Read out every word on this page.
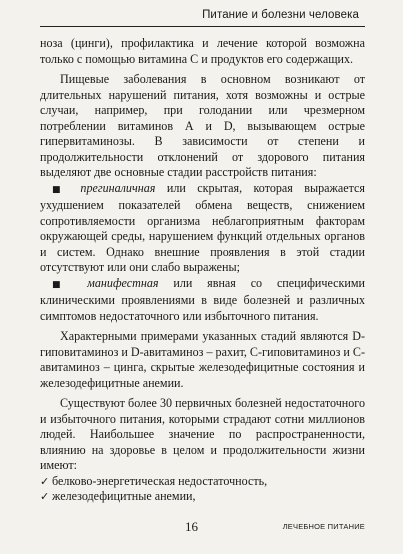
Питание и болезни человека

ноза (цинги), профилактика и лечение которой возможна только с помощью витамина С и продуктов его содержащих.

Пищевые заболевания в основном возникают от длительных нарушений питания, хотя возможны и острые случаи, например, при голодании или чрезмерном потреблении витаминов А и D, вызывающем острые гипервитаминозы. В зависимости от степени и продолжительности отклонений от здорового питания выделяют две основные стадии расстройств питания:

■ прегиналичная или скрытая, которая выражается ухудшением показателей обмена веществ, снижением сопротивляемости организма неблагоприятным факторам окружающей среды, нарушением функций отдельных органов и систем. Однако внешние проявления в этой стадии отсутствуют или они слабо выражены;

■ манифестная или явная со специфическими клиническими проявлениями в виде болезней и различных симптомов недостаточного или избыточного питания.

Характерными примерами указанных стадий являются D-гиповитаминоз и D-авитаминоз – рахит, С-гиповитаминоз и С-авитаминоз – цинга, скрытые железодефицитные состояния и железодефицитные анемии.

Существуют более 30 первичных болезней недостаточного и избыточного питания, которыми страдают сотни миллионов людей. Наибольшее значение по распространенности, влиянию на здоровье в целом и продолжительности жизни имеют:

✓ белково-энергетическая недостаточность,
✓ железодефицитные анемии,
16	ЛЕЧЕБНОЕ ПИТАНИЕ
